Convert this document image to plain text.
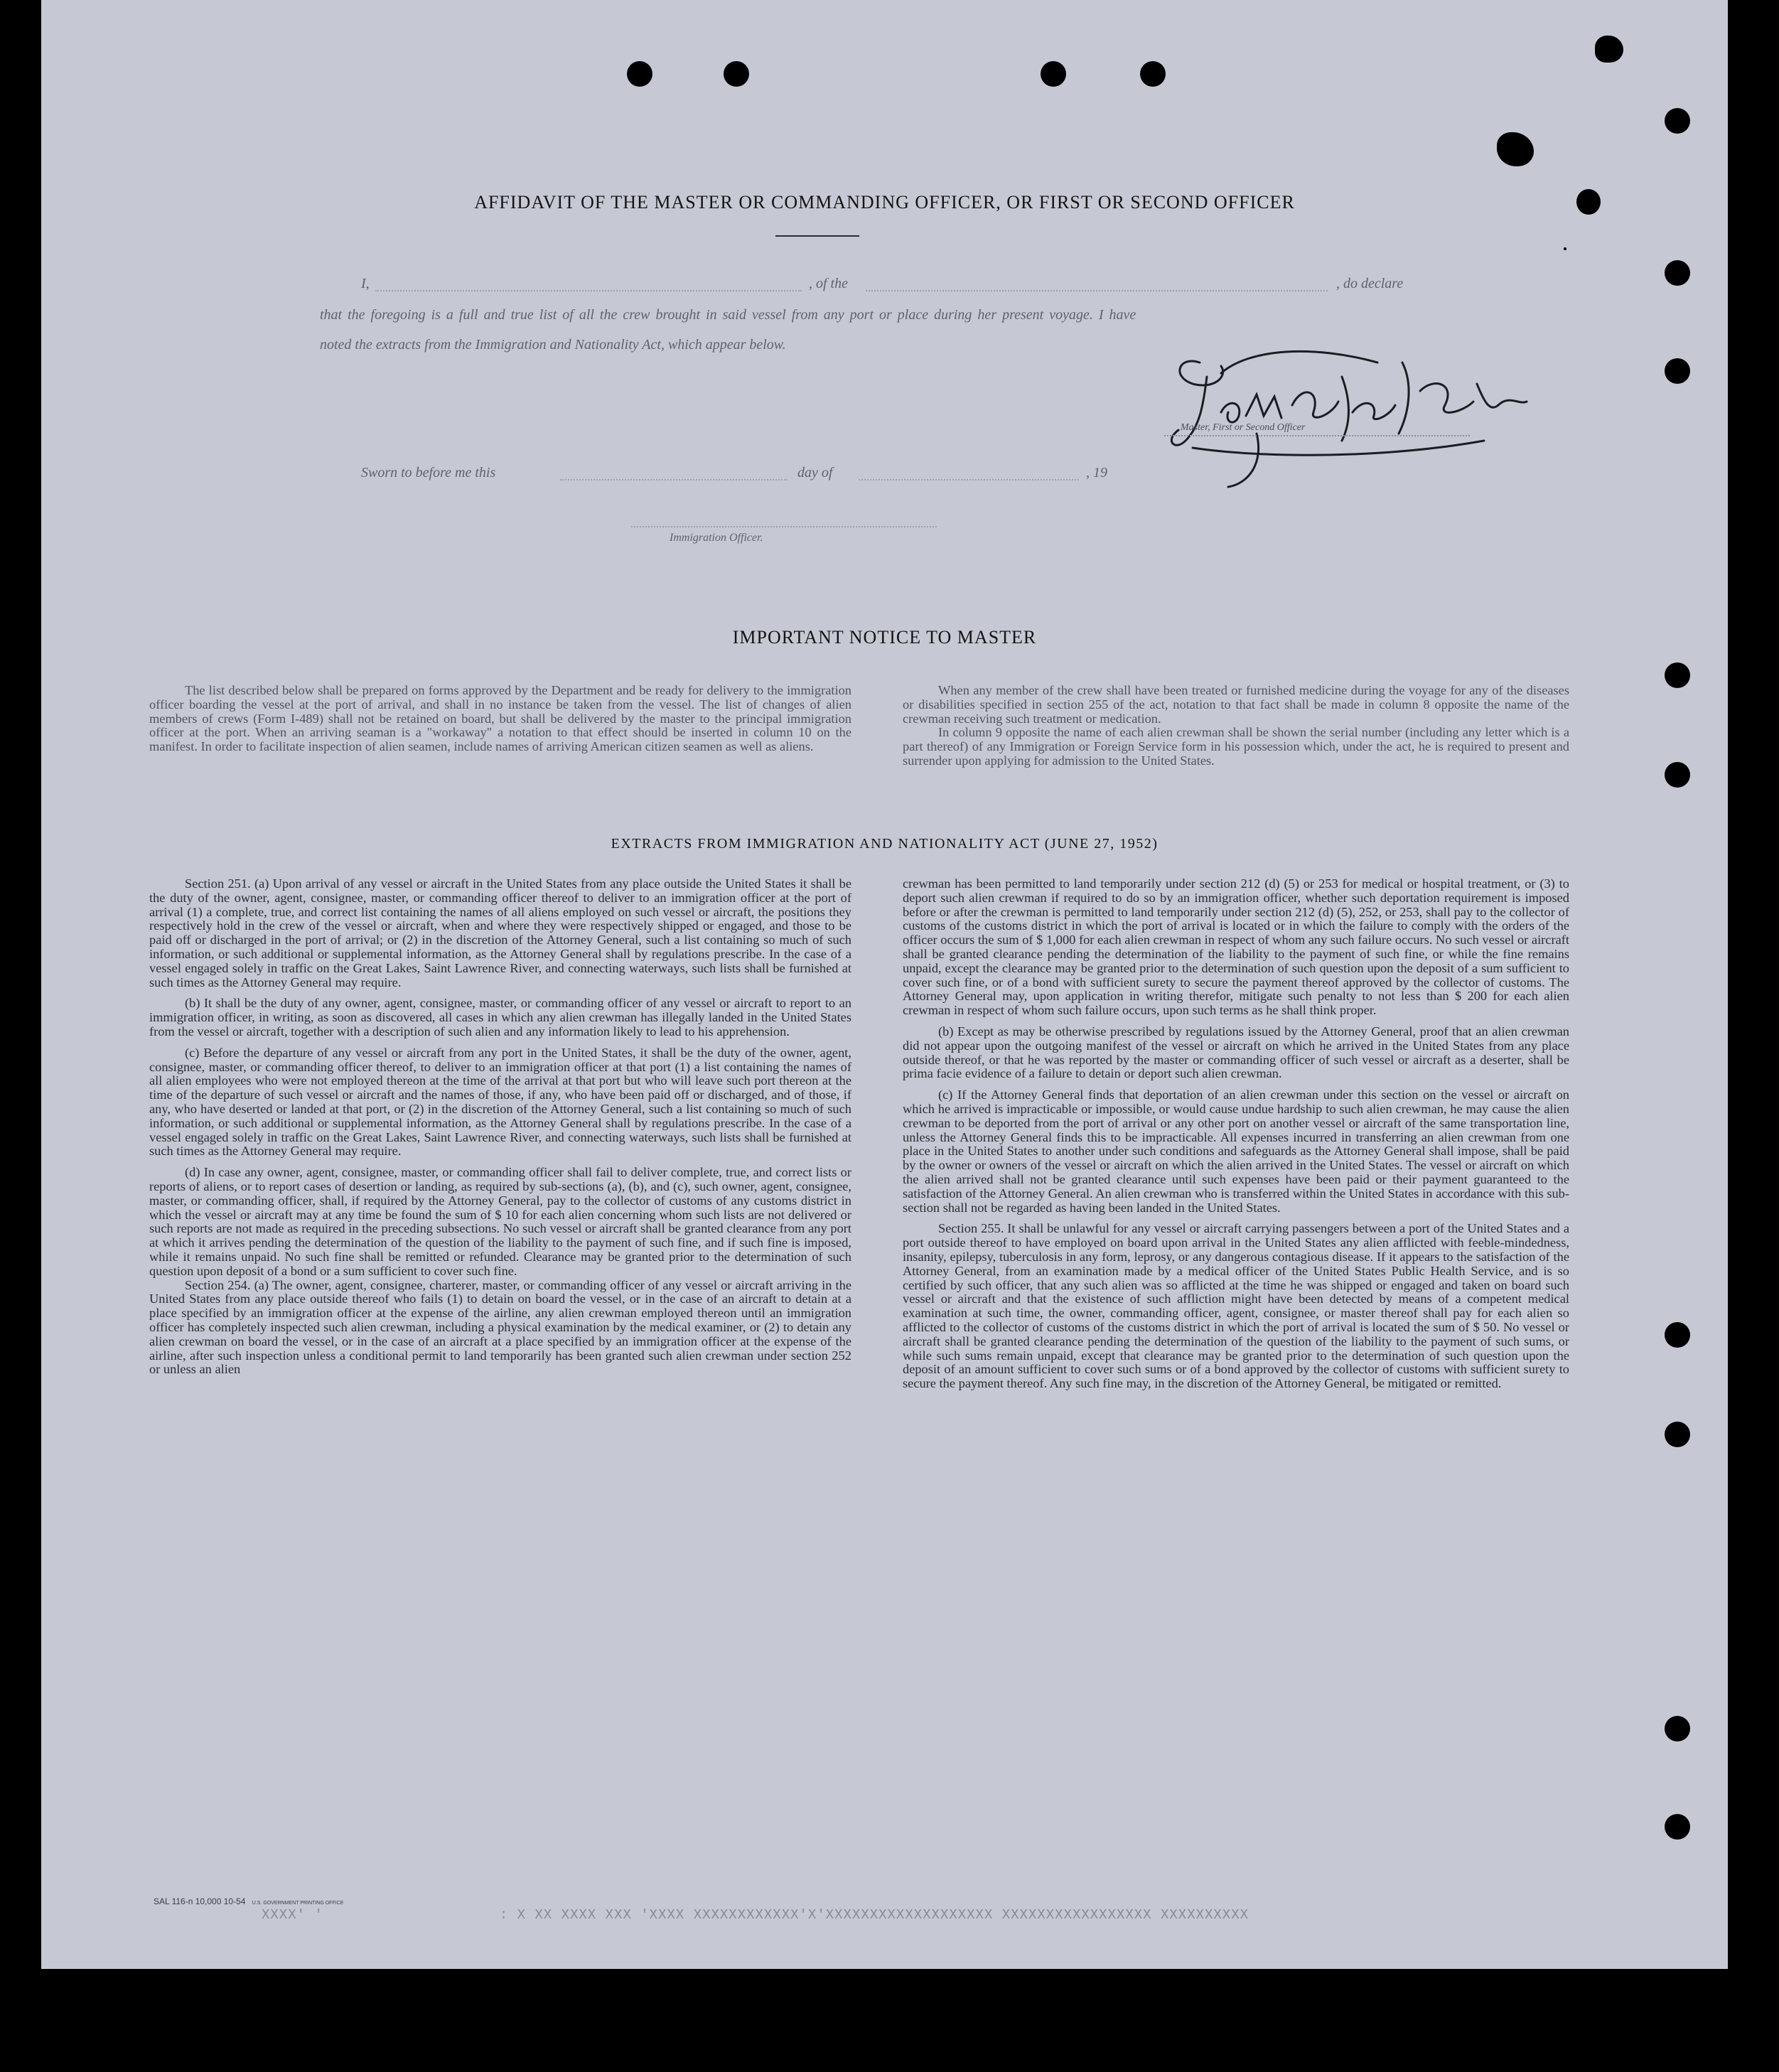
AFFIDAVIT OF THE MASTER OR COMMANDING OFFICER, OR FIRST OR SECOND OFFICER
I,	, of the	, do declare
that the foregoing is a full and true list of all the crew brought in said vessel from any port or place during her present voyage. I have
noted the extracts from the Immigration and Nationality Act, which appear below.
Master, First or Second Officer
Sworn to before me this	day of	, 19
Immigration Officer.
IMPORTANT NOTICE TO MASTER

The list described below shall be prepared on forms approved by the Department and be ready for delivery to the immigration officer boarding the vessel at the port of arrival, and shall in no instance be taken from the vessel. The list of changes of alien members of crews (Form I-489) shall not be retained on board, but shall be delivered by the master to the principal immigration officer at the port. When an arriving seaman is a "workaway" a notation to that effect should be inserted in column 10 on the manifest. In order to facilitate inspection of alien seamen, include names of arriving American citizen seamen as well as aliens.

When any member of the crew shall have been treated or furnished medicine during the voyage for any of the diseases or disabilities specified in section 255 of the act, notation to that fact shall be made in column 8 opposite the name of the crewman receiving such treatment or medication.

In column 9 opposite the name of each alien crewman shall be shown the serial number (including any letter which is a part thereof) of any Immigration or Foreign Service form in his possession which, under the act, he is required to present and surrender upon applying for admission to the United States.

EXTRACTS FROM IMMIGRATION AND NATIONALITY ACT (JUNE 27, 1952)

Section 251. (a) Upon arrival of any vessel or aircraft in the United States from any place outside the United States it shall be the duty of the owner, agent, consignee, master, or commanding officer thereof to deliver to an immigration officer at the port of arrival (1) a complete, true, and correct list containing the names of all aliens employed on such vessel or aircraft, the positions they respectively hold in the crew of the vessel or aircraft, when and where they were respectively shipped or engaged, and those to be paid off or discharged in the port of arrival; or (2) in the discretion of the Attorney General, such a list containing so much of such information, or such additional or supplemental information, as the Attorney General shall by regulations prescribe. In the case of a vessel engaged solely in traffic on the Great Lakes, Saint Lawrence River, and connecting waterways, such lists shall be furnished at such times as the Attorney General may require.

(b) It shall be the duty of any owner, agent, consignee, master, or commanding officer of any vessel or aircraft to report to an immigration officer, in writing, as soon as discovered, all cases in which any alien crewman has illegally landed in the United States from the vessel or aircraft, together with a description of such alien and any information likely to lead to his apprehension.

(c) Before the departure of any vessel or aircraft from any port in the United States, it shall be the duty of the owner, agent, consignee, master, or commanding officer thereof, to deliver to an immigration officer at that port (1) a list containing the names of all alien employees who were not employed thereon at the time of the arrival at that port but who will leave such port thereon at the time of the departure of such vessel or aircraft and the names of those, if any, who have been paid off or discharged, and of those, if any, who have deserted or landed at that port, or (2) in the discretion of the Attorney General, such a list containing so much of such information, or such additional or supplemental information, as the Attorney General shall by regulations prescribe. In the case of a vessel engaged solely in traffic on the Great Lakes, Saint Lawrence River, and connecting waterways, such lists shall be furnished at such times as the Attorney General may require.

(d) In case any owner, agent, consignee, master, or commanding officer shall fail to deliver complete, true, and correct lists or reports of aliens, or to report cases of desertion or landing, as required by sub-sections (a), (b), and (c), such owner, agent, consignee, master, or commanding officer, shall, if required by the Attorney General, pay to the collector of customs of any customs district in which the vessel or aircraft may at any time be found the sum of $ 10 for each alien concerning whom such lists are not delivered or such reports are not made as required in the preceding subsections. No such vessel or aircraft shall be granted clearance from any port at which it arrives pending the determination of the question of the liability to the payment of such fine, and if such fine is imposed, while it remains unpaid. No such fine shall be remitted or refunded. Clearance may be granted prior to the determination of such question upon deposit of a bond or a sum sufficient to cover such fine.

Section 254. (a) The owner, agent, consignee, charterer, master, or commanding officer of any vessel or aircraft arriving in the United States from any place outside thereof who fails (1) to detain on board the vessel, or in the case of an aircraft to detain at a place specified by an immigration officer at the expense of the airline, any alien crewman employed thereon until an immigration officer has completely inspected such alien crewman, including a physical examination by the medical examiner, or (2) to detain any alien crewman on board the vessel, or in the case of an aircraft at a place specified by an immigration officer at the expense of the airline, after such inspection unless a conditional permit to land temporarily has been granted such alien crewman under section 252 or unless an alien

crewman has been permitted to land temporarily under section 212 (d) (5) or 253 for medical or hospital treatment, or (3) to deport such alien crewman if required to do so by an immigration officer, whether such deportation requirement is imposed before or after the crewman is permitted to land temporarily under section 212 (d) (5), 252, or 253, shall pay to the collector of customs of the customs district in which the port of arrival is located or in which the failure to comply with the orders of the officer occurs the sum of $ 1,000 for each alien crewman in respect of whom any such failure occurs. No such vessel or aircraft shall be granted clearance pending the determination of the liability to the payment of such fine, or while the fine remains unpaid, except the clearance may be granted prior to the determination of such question upon the deposit of a sum sufficient to cover such fine, or of a bond with sufficient surety to secure the payment thereof approved by the collector of customs. The Attorney General may, upon application in writing therefor, mitigate such penalty to not less than $ 200 for each alien crewman in respect of whom such failure occurs, upon such terms as he shall think proper.

(b) Except as may be otherwise prescribed by regulations issued by the Attorney General, proof that an alien crewman did not appear upon the outgoing manifest of the vessel or aircraft on which he arrived in the United States from any place outside thereof, or that he was reported by the master or commanding officer of such vessel or aircraft as a deserter, shall be prima facie evidence of a failure to detain or deport such alien crewman.

(c) If the Attorney General finds that deportation of an alien crewman under this section on the vessel or aircraft on which he arrived is impracticable or impossible, or would cause undue hardship to such alien crewman, he may cause the alien crewman to be deported from the port of arrival or any other port on another vessel or aircraft of the same transportation line, unless the Attorney General finds this to be impracticable. All expenses incurred in transferring an alien crewman from one place in the United States to another under such conditions and safeguards as the Attorney General shall impose, shall be paid by the owner or owners of the vessel or aircraft on which the alien arrived in the United States. The vessel or aircraft on which the alien arrived shall not be granted clearance until such expenses have been paid or their payment guaranteed to the satisfaction of the Attorney General. An alien crewman who is transferred within the United States in accordance with this sub-section shall not be regarded as having been landed in the United States.

Section 255. It shall be unlawful for any vessel or aircraft carrying passengers between a port of the United States and a port outside thereof to have employed on board upon arrival in the United States any alien afflicted with feeble-mindedness, insanity, epilepsy, tuberculosis in any form, leprosy, or any dangerous contagious disease. If it appears to the satisfaction of the Attorney General, from an examination made by a medical officer of the United States Public Health Service, and is so certified by such officer, that any such alien was so afflicted at the time he was shipped or engaged and taken on board such vessel or aircraft and that the existence of such affliction might have been detected by means of a competent medical examination at such time, the owner, commanding officer, agent, consignee, or master thereof shall pay for each alien so afflicted to the collector of customs of the customs district in which the port of arrival is located the sum of $ 50. No vessel or aircraft shall be granted clearance pending the determination of the question of the liability to the payment of such sums, or while such sums remain unpaid, except that clearance may be granted prior to the determination of such question upon the deposit of an amount sufficient to cover such sums or of a bond approved by the collector of customs with sufficient surety to secure the payment thereof. Any such fine may, in the discretion of the Attorney General, be mitigated or remitted.

SAL 116-n 10,000 10-54 U.S. GOVERNMENT PRINTING OFFICE
XXXX' '                    : X XX XXXX XXX 'XXXX XXXXXXXXXXXX'X'XXXXXXXXXXXXXXXXXXX XXXXXXXXXXXXXXXXX XXXXXXXXXX
